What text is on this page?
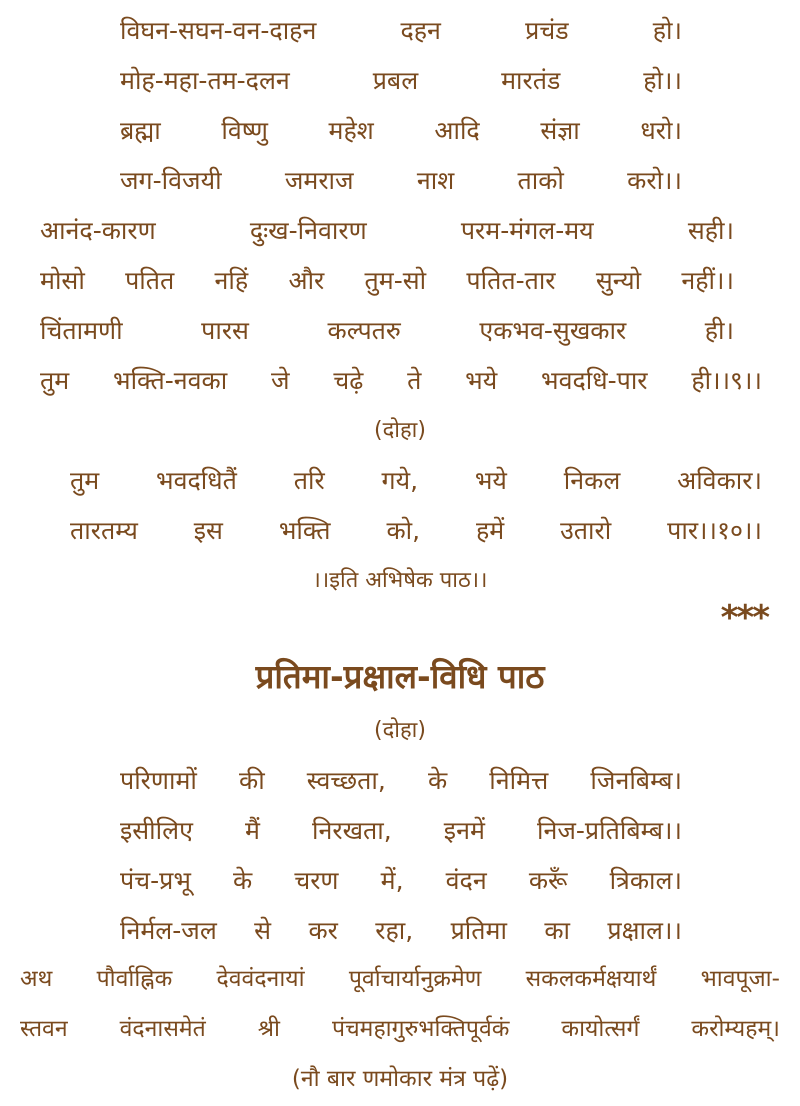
विघन-सघन-वन-दाहन	दहन	प्रचंड	हो।
मोह-महा-तम-दलन	प्रबल	मारतंड	हो।।
ब्रह्मा विष्णु महेश आदि संज्ञा धरो।
जग-विजयी	जमराज	नाश	ताको	करो।।
आनंद-कारण	दुःख-निवारण	परम-मंगल-मय	सही।
मोसो पतित नहिं और तुम-सो पतित-तार सुन्यो नहीं।।
चिंतामणी	पारस	कल्पतरु	एकभव-सुखकार	ही।
तुम भक्ति-नवका जे चढ़े ते भये भवदधि-पार ही।।९।।
(दोहा)
तुम भवदधितैं तरि गये, भये निकल अविकार।
तारतम्य इस भक्ति को, हमें उतारो पार।।१०।।
।।इति अभिषेक पाठ।।
***
प्रतिमा-प्रक्षाल-विधि पाठ
(दोहा)
परिणामों की स्वच्छता, के निमित्त जिनबिम्ब।
इसीलिए मैं निरखता, इनमें निज-प्रतिबिम्ब।।
पंच-प्रभू के चरण में, वंदन करूँ त्रिकाल।
निर्मल-जल से कर रहा, प्रतिमा का प्रक्षाल।।
अथ पौर्वाह्निक देववंदनायां पूर्वाचार्यानुक्रमेण सकलकर्मक्षयार्थं भावपूजा-
स्तवन वंदनासमेतं श्री पंचमहागुरुभक्तिपूर्वकं कायोत्सर्गं करोम्यहम्।
(नौ बार णमोकार मंत्र पढ़ें)
